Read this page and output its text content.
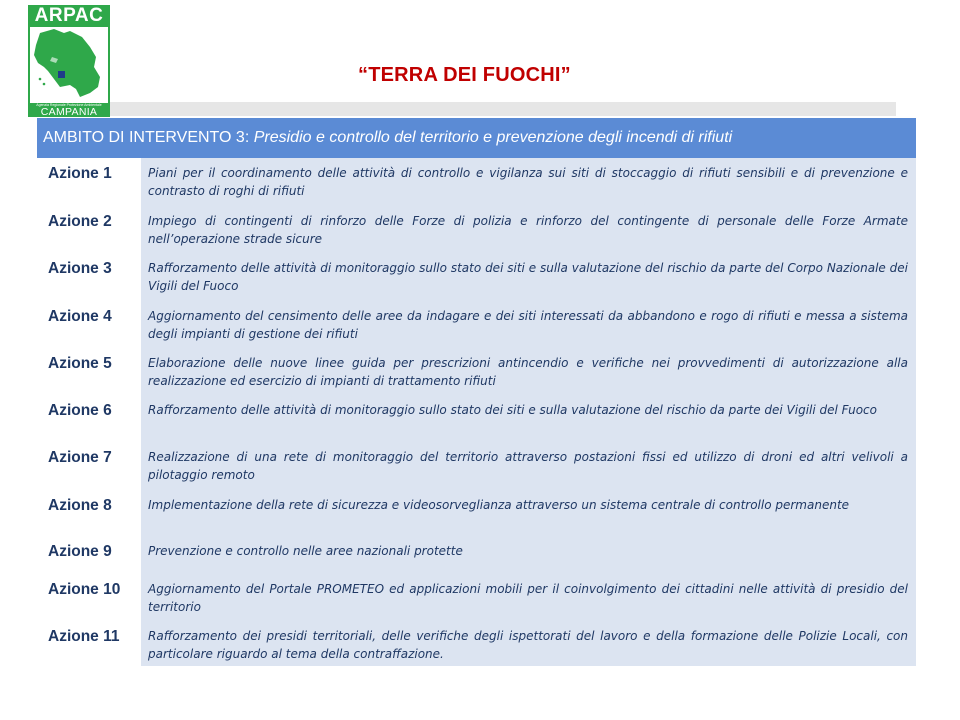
ARPAC
Agenzia Regionale Protezione Ambientale
CAMPANIA
“TERRA DEI FUOCHI”
AMBITO DI INTERVENTO 3: Presidio e controllo del territorio e prevenzione degli incendi di rifiuti
Azione 1	Piani per il coordinamento delle attività di controllo e vigilanza sui siti di stoccaggio di rifiuti sensibili e di prevenzione e contrasto di roghi di rifiuti
Azione 2	Impiego di contingenti di rinforzo delle Forze di polizia e rinforzo del contingente di personale delle Forze Armate nell’operazione strade sicure
Azione 3	Rafforzamento delle attività di monitoraggio sullo stato dei siti e sulla valutazione del rischio da parte del Corpo Nazionale dei Vigili del Fuoco
Azione 4	Aggiornamento del censimento delle aree da indagare e dei siti interessati da abbandono e rogo di rifiuti e messa a sistema degli impianti di gestione dei rifiuti
Azione 5	Elaborazione delle nuove linee guida per prescrizioni antincendio e verifiche nei provvedimenti di autorizzazione alla realizzazione ed esercizio di impianti di trattamento rifiuti
Azione 6	Rafforzamento delle attività di monitoraggio sullo stato dei siti e sulla valutazione del rischio da parte dei Vigili del Fuoco
Azione 7	Realizzazione di una rete di monitoraggio del territorio attraverso postazioni fissi ed utilizzo di droni ed altri velivoli a pilotaggio remoto
Azione 8	Implementazione della rete di sicurezza e videosorveglianza attraverso un sistema centrale di controllo permanente
Azione 9	Prevenzione e controllo nelle aree nazionali protette
Azione 10 Aggiornamento del Portale PROMETEO ed applicazioni mobili per il coinvolgimento dei cittadini nelle attività di presidio del territorio
Azione 11 Rafforzamento dei presidi territoriali, delle verifiche degli ispettorati del lavoro e della formazione delle Polizie Locali, con particolare riguardo al tema della contraffazione.
